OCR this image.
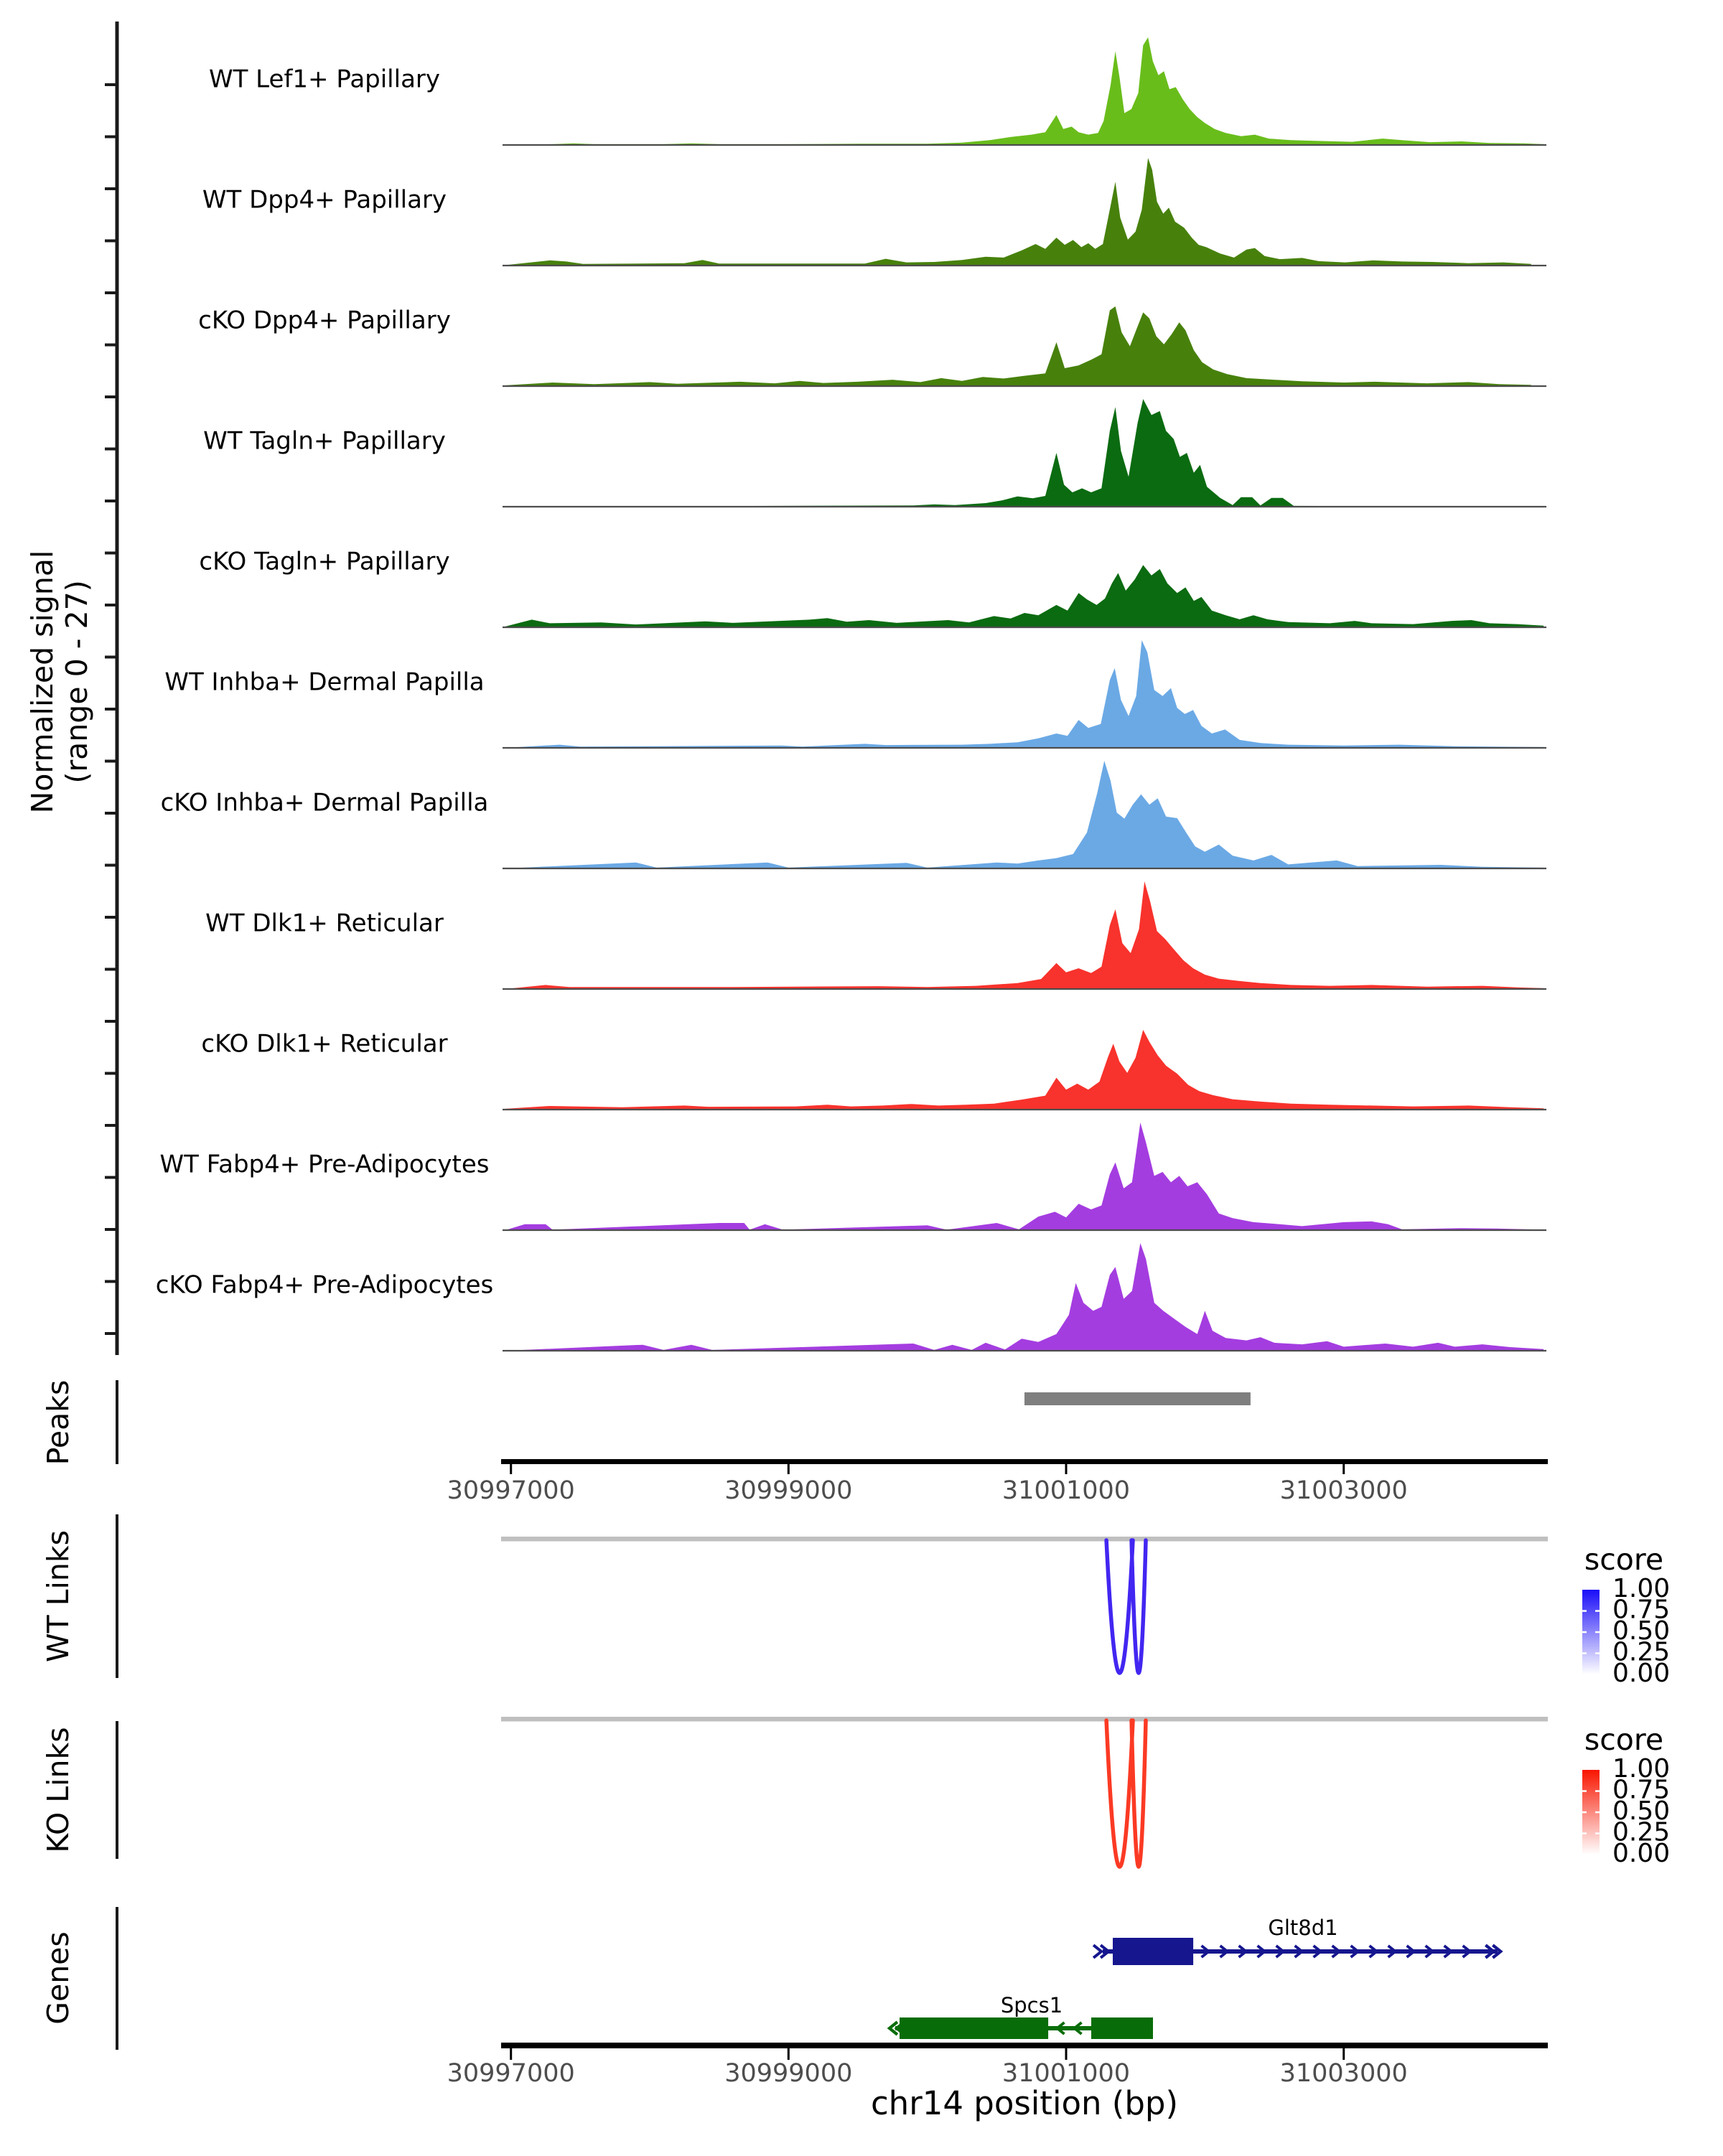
WT Lef1+ Papillary
WT Dpp4+ Papillary
cKO Dpp4+ Papillary
WT Tagln+ Papillary
cKO Tagln+ Papillary
WT Inhba+ Dermal Papilla
cKO Inhba+ Dermal Papilla
WT Dlk1+ Reticular
cKO Dlk1+ Reticular
WT Fabp4+ Pre-Adipocytes
cKO Fabp4+ Pre-Adipocytes
Normalized signal (range 0 - 27)
Peaks
30997000	30999000	31001000	31003000
WT Links	score
1.00
0.75
0.50
0.25
0.00
KO Links	score
1.00
0.75
0.50
0.25
0.00
Genes
Glt8d1
Spcs1
30997000	30999000	31001000	31003000
chr14 position (bp)
